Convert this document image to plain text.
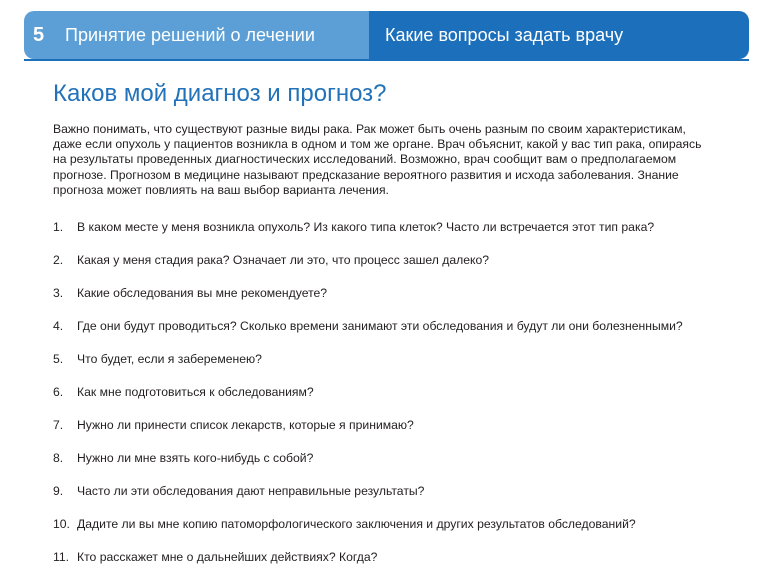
5	Принятие решений о лечении	Какие вопросы задать врачу
Каков мой диагноз и прогноз?

Важно понимать, что существуют разные виды рака. Рак может быть очень разным по своим характеристикам, даже если опухоль у пациентов возникла в одном и том же органе. Врач объяснит, какой у вас тип рака, опираясь на результаты проведенных диагностических исследований. Возможно, врач сообщит вам о предполагаемом прогнозе. Прогнозом в медицине называют предсказание вероятного развития и исхода заболевания. Знание прогноза может повлиять на ваш выбор варианта лечения.

1.	В каком месте у меня возникла опухоль? Из какого типа клеток? Часто ли встречается этот тип рака?
2.	Какая у меня стадия рака? Означает ли это, что процесс зашел далеко?
3.	Какие обследования вы мне рекомендуете?
4.	Где они будут проводиться? Сколько времени занимают эти обследования и будут ли они болезненными?
5.	Что будет, если я забеременею?
6.	Как мне подготовиться к обследованиям?
7.	Нужно ли принести список лекарств, которые я принимаю?
8.	Нужно ли мне взять кого-нибудь с собой?
9.	Часто ли эти обследования дают неправильные результаты?
10. Дадите ли вы мне копию патоморфологического заключения и других результатов обследований?
11. Кто расскажет мне о дальнейших действиях? Когда?
